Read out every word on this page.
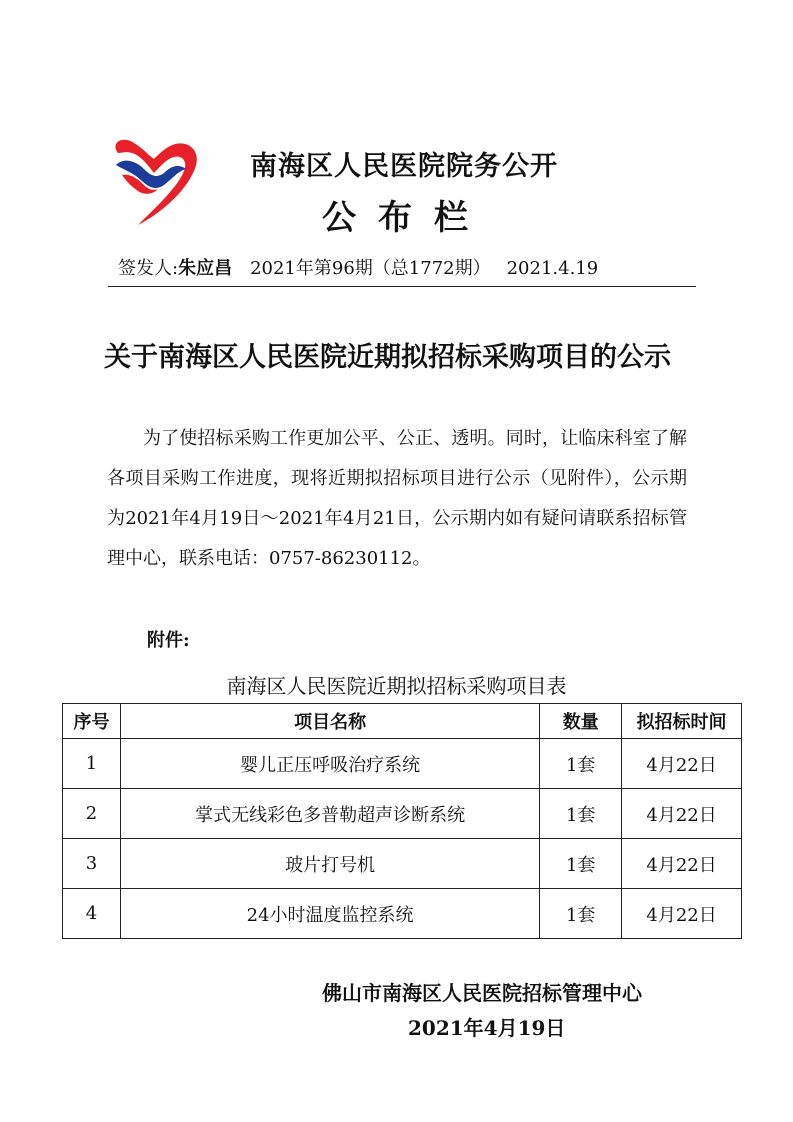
南海区人民医院院务公开
公布栏
签发人:朱应昌 2021年第96期（总1772期） 2021.4.19
关于南海区人民医院近期拟招标采购项目的公示
为了使招标采购工作更加公平、公正、透明。同时，让临床科室了解各项目采购工作进度，现将近期拟招标项目进行公示（见附件），公示期为2021年4月19日～2021年4月21日，公示期内如有疑问请联系招标管理中心，联系电话：0757-86230112。
附件:
南海区人民医院近期拟招标采购项目表
序号	项目名称	数量	拟招标时间
1	婴儿正压呼吸治疗系统	1套	4月22日
2	掌式无线彩色多普勒超声诊断系统	1套	4月22日
3	玻片打号机	1套	4月22日
4	24小时温度监控系统	1套	4月22日
佛山市南海区人民医院招标管理中心
2021年4月19日
